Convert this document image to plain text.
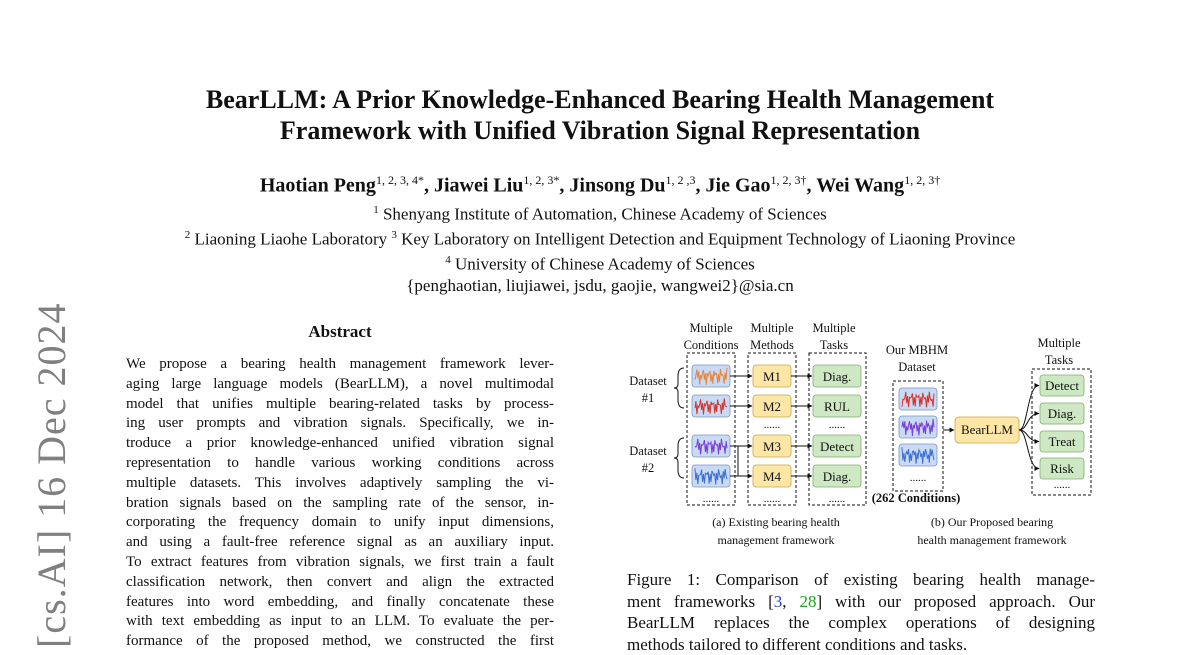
[cs.AI] 16 Dec 2024
BearLLM: A Prior Knowledge-Enhanced Bearing Health Management
Framework with Unified Vibration Signal Representation
Haotian Peng$^{1, 2, 3, 4*}$, Jiawei Liu$^{1, 2, 3*}$, Jinsong Du$^{1, 2 ,3}$, Jie Gao$^{1, 2, 3\dagger}$, Wei Wang$^{1, 2, 3\dagger}$
$^1$ Shenyang Institute of Automation, Chinese Academy of Sciences
$^2$ Liaoning Liaohe Laboratory $^3$ Key Laboratory on Intelligent Detection and Equipment Technology of Liaoning Province
$^4$ University of Chinese Academy of Sciences
{penghaotian, liujiawei, jsdu, gaojie, wangwei2}@sia.cn
Abstract
We propose a bearing health management framework lever-
aging large language models (BearLLM), a novel multimodal
model that unifies multiple bearing-related tasks by process-
ing user prompts and vibration signals. Specifically, we in-
troduce a prior knowledge-enhanced unified vibration signal
representation to handle various working conditions across
multiple datasets. This involves adaptively sampling the vi-
bration signals based on the sampling rate of the sensor, in-
corporating the frequency domain to unify input dimensions,
and using a fault-free reference signal as an auxiliary input.
To extract features from vibration signals, we first train a fault
classification network, then convert and align the extracted
features into word embedding, and finally concatenate these
with text embedding as input to an LLM. To evaluate the per-
formance of the proposed method, we constructed the first
Multiple
Conditions
Multiple
Methods
Multiple
Tasks
M1
M2
M3
M4
Diag.
RUL
Detect
Diag.
......
......
......
......
......
Dataset
#1
Dataset
#2
(a) Existing bearing health
management framework
Our MBHM
Dataset
......
(262 Conditions)
BearLLM
Multiple
Tasks
Detect
Diag.
Treat
Risk
......
(b) Our Proposed bearing
health management framework
Figure 1: Comparison of existing bearing health manage-
ment frameworks [3, 28] with our proposed approach. Our
BearLLM replaces the complex operations of designing
methods tailored to different conditions and tasks.
